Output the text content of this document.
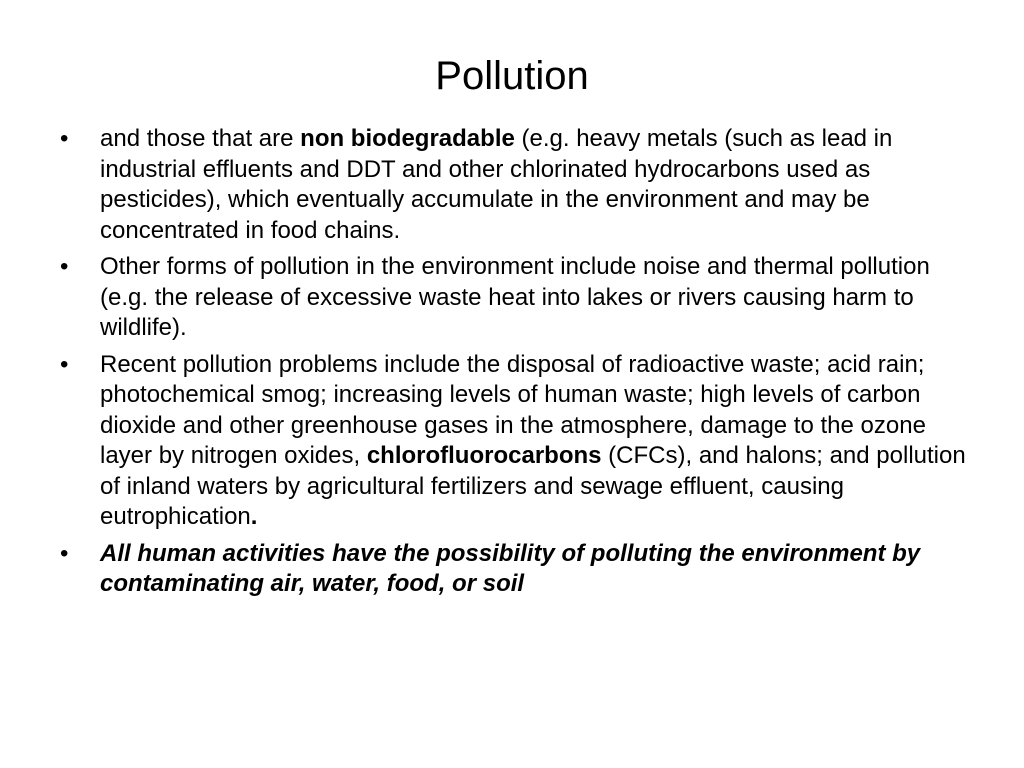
Pollution
•	and those that are non biodegradable (e.g. heavy metals (such as lead in industrial effluents and DDT and other chlorinated hydrocarbons used as pesticides), which eventually accumulate in the environment and may be concentrated in food chains.
•	Other forms of pollution in the environment include noise and thermal pollution (e.g. the release of excessive waste heat into lakes or rivers causing harm to wildlife).
•	Recent pollution problems include the disposal of radioactive waste; acid rain; photochemical smog; increasing levels of human waste; high levels of carbon dioxide and other greenhouse gases in the atmosphere, damage to the ozone layer by nitrogen oxides, chlorofluorocarbons (CFCs), and halons; and pollution of inland waters by agricultural fertilizers and sewage effluent, causing eutrophication.
•	All human activities have the possibility of polluting the environment by contaminating air, water, food, or soil
